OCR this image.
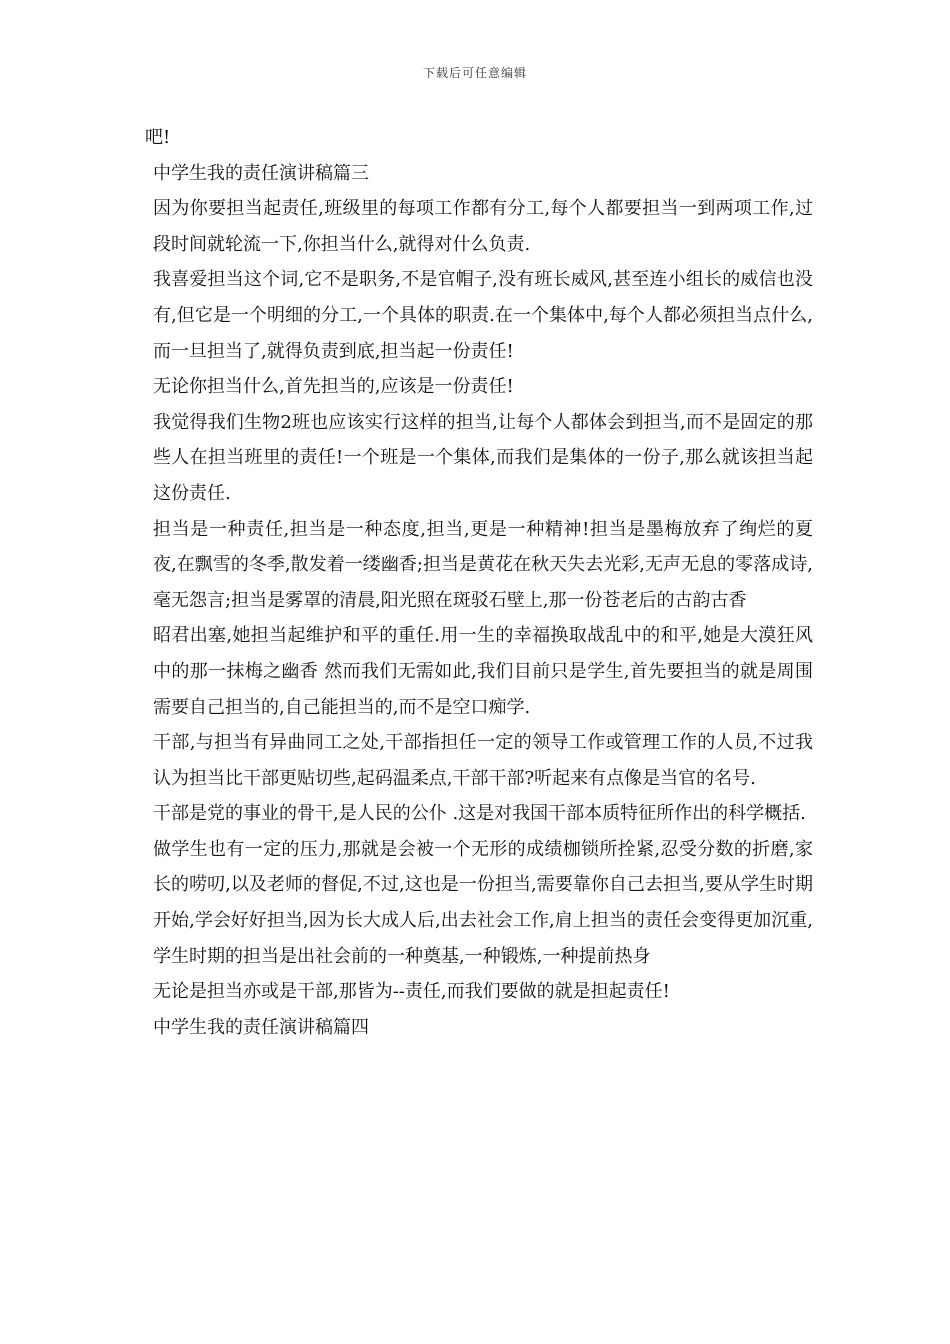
下载后可任意编辑

吧!

中学生我的责任演讲稿篇三

因为你要担当起责任,班级里的每项工作都有分工,每个人都要担当一到两项工作,过段时间就轮流一下,你担当什么,就得对什么负责.

我喜爱担当这个词,它不是职务,不是官帽子,没有班长威风,甚至连小组长的威信也没有,但它是一个明细的分工,一个具体的职责.在一个集体中,每个人都必须担当点什么,而一旦担当了,就得负责到底,担当起一份责任!

无论你担当什么,首先担当的,应该是一份责任!

我觉得我们生物2班也应该实行这样的担当,让每个人都体会到担当,而不是固定的那些人在担当班里的责任!一个班是一个集体,而我们是集体的一份子,那么就该担当起这份责任.

担当是一种责任,担当是一种态度,担当,更是一种精神!担当是墨梅放弃了绚烂的夏夜,在飘雪的冬季,散发着一缕幽香;担当是黄花在秋天失去光彩,无声无息的零落成诗,毫无怨言;担当是雾罩的清晨,阳光照在斑驳石壁上,那一份苍老后的古韵古香

昭君出塞,她担当起维护和平的重任.用一生的幸福换取战乱中的和平,她是大漠狂风中的那一抹梅之幽香 然而我们无需如此,我们目前只是学生,首先要担当的就是周围需要自己担当的,自己能担当的,而不是空口痴学.

干部,与担当有异曲同工之处,干部指担任一定的领导工作或管理工作的人员,不过我认为担当比干部更贴切些,起码温柔点,干部干部?听起来有点像是当官的名号.

干部是党的事业的骨干,是人民的公仆 .这是对我国干部本质特征所作出的科学概括.

做学生也有一定的压力,那就是会被一个无形的成绩枷锁所拴紧,忍受分数的折磨,家长的唠叨,以及老师的督促,不过,这也是一份担当,需要靠你自己去担当,要从学生时期开始,学会好好担当,因为长大成人后,出去社会工作,肩上担当的责任会变得更加沉重,学生时期的担当是出社会前的一种奠基,一种锻炼,一种提前热身

无论是担当亦或是干部,那皆为--责任,而我们要做的就是担起责任!

中学生我的责任演讲稿篇四
